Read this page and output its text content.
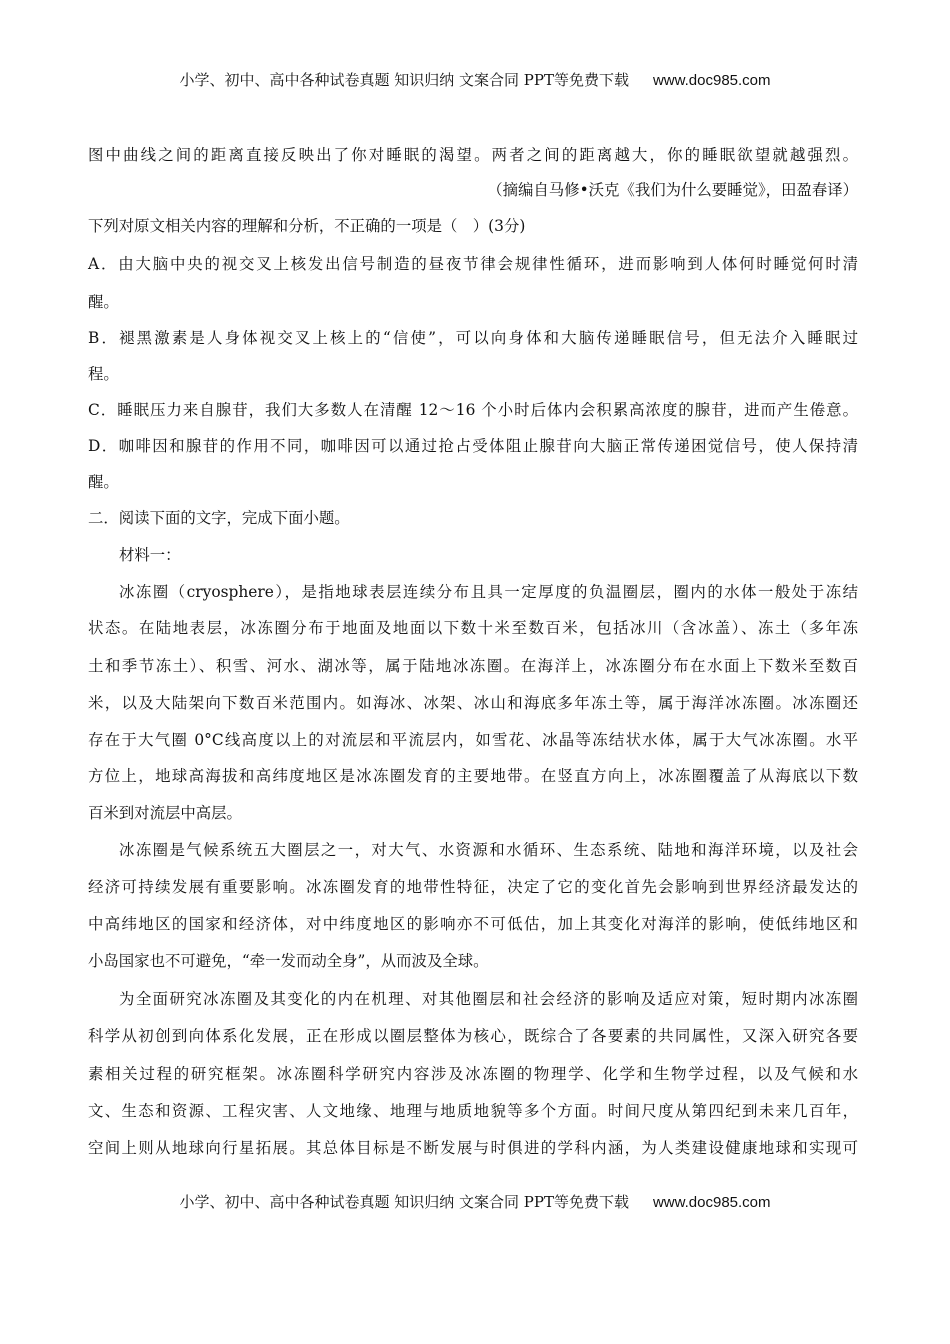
小学、初中、高中各种试卷真题 知识归纳 文案合同 PPT等免费下载 www.doc985.com
图中曲线之间的距离直接反映出了你对睡眠的渴望。两者之间的距离越大，你的睡眠欲望就越强烈。
（摘编自马修•沃克《我们为什么要睡觉》，田盈春译）
下列对原文相关内容的理解和分析，不正确的一项是（　）(3分)
A．由大脑中央的视交叉上核发出信号制造的昼夜节律会规律性循环，进而影响到人体何时睡觉何时清
醒。
B．褪黑激素是人身体视交叉上核上的“信使”，可以向身体和大脑传递睡眠信号，但无法介入睡眠过
程。
C．睡眠压力来自腺苷，我们大多数人在清醒 12～16 个小时后体内会积累高浓度的腺苷，进而产生倦意。
D．咖啡因和腺苷的作用不同，咖啡因可以通过抢占受体阻止腺苷向大脑正常传递困觉信号，使人保持清
醒。
二．阅读下面的文字，完成下面小题。
材料一：
冰冻圈（cryosphere），是指地球表层连续分布且具一定厚度的负温圈层，圈内的水体一般处于冻结
状态。在陆地表层，冰冻圈分布于地面及地面以下数十米至数百米，包括冰川（含冰盖）、冻土（多年冻
土和季节冻土）、积雪、河水、湖冰等，属于陆地冰冻圈。在海洋上，冰冻圈分布在水面上下数米至数百
米，以及大陆架向下数百米范围内。如海冰、冰架、冰山和海底多年冻土等，属于海洋冰冻圈。冰冻圈还
存在于大气圈 0°C线高度以上的对流层和平流层内，如雪花、冰晶等冻结状水体，属于大气冰冻圈。水平
方位上，地球高海拔和高纬度地区是冰冻圈发育的主要地带。在竖直方向上，冰冻圈覆盖了从海底以下数
百米到对流层中高层。
冰冻圈是气候系统五大圈层之一，对大气、水资源和水循环、生态系统、陆地和海洋环境，以及社会
经济可持续发展有重要影响。冰冻圈发育的地带性特征，决定了它的变化首先会影响到世界经济最发达的
中高纬地区的国家和经济体，对中纬度地区的影响亦不可低估，加上其变化对海洋的影响，使低纬地区和
小岛国家也不可避免，“牵一发而动全身”，从而波及全球。
为全面研究冰冻圈及其变化的内在机理、对其他圈层和社会经济的影响及适应对策，短时期内冰冻圈
科学从初创到向体系化发展，正在形成以圈层整体为核心，既综合了各要素的共同属性，又深入研究各要
素相关过程的研究框架。冰冻圈科学研究内容涉及冰冻圈的物理学、化学和生物学过程，以及气候和水
文、生态和资源、工程灾害、人文地缘、地理与地质地貌等多个方面。时间尺度从第四纪到未来几百年，
空间上则从地球向行星拓展。其总体目标是不断发展与时俱进的学科内涵，为人类建设健康地球和实现可
小学、初中、高中各种试卷真题 知识归纳 文案合同 PPT等免费下载 www.doc985.com
